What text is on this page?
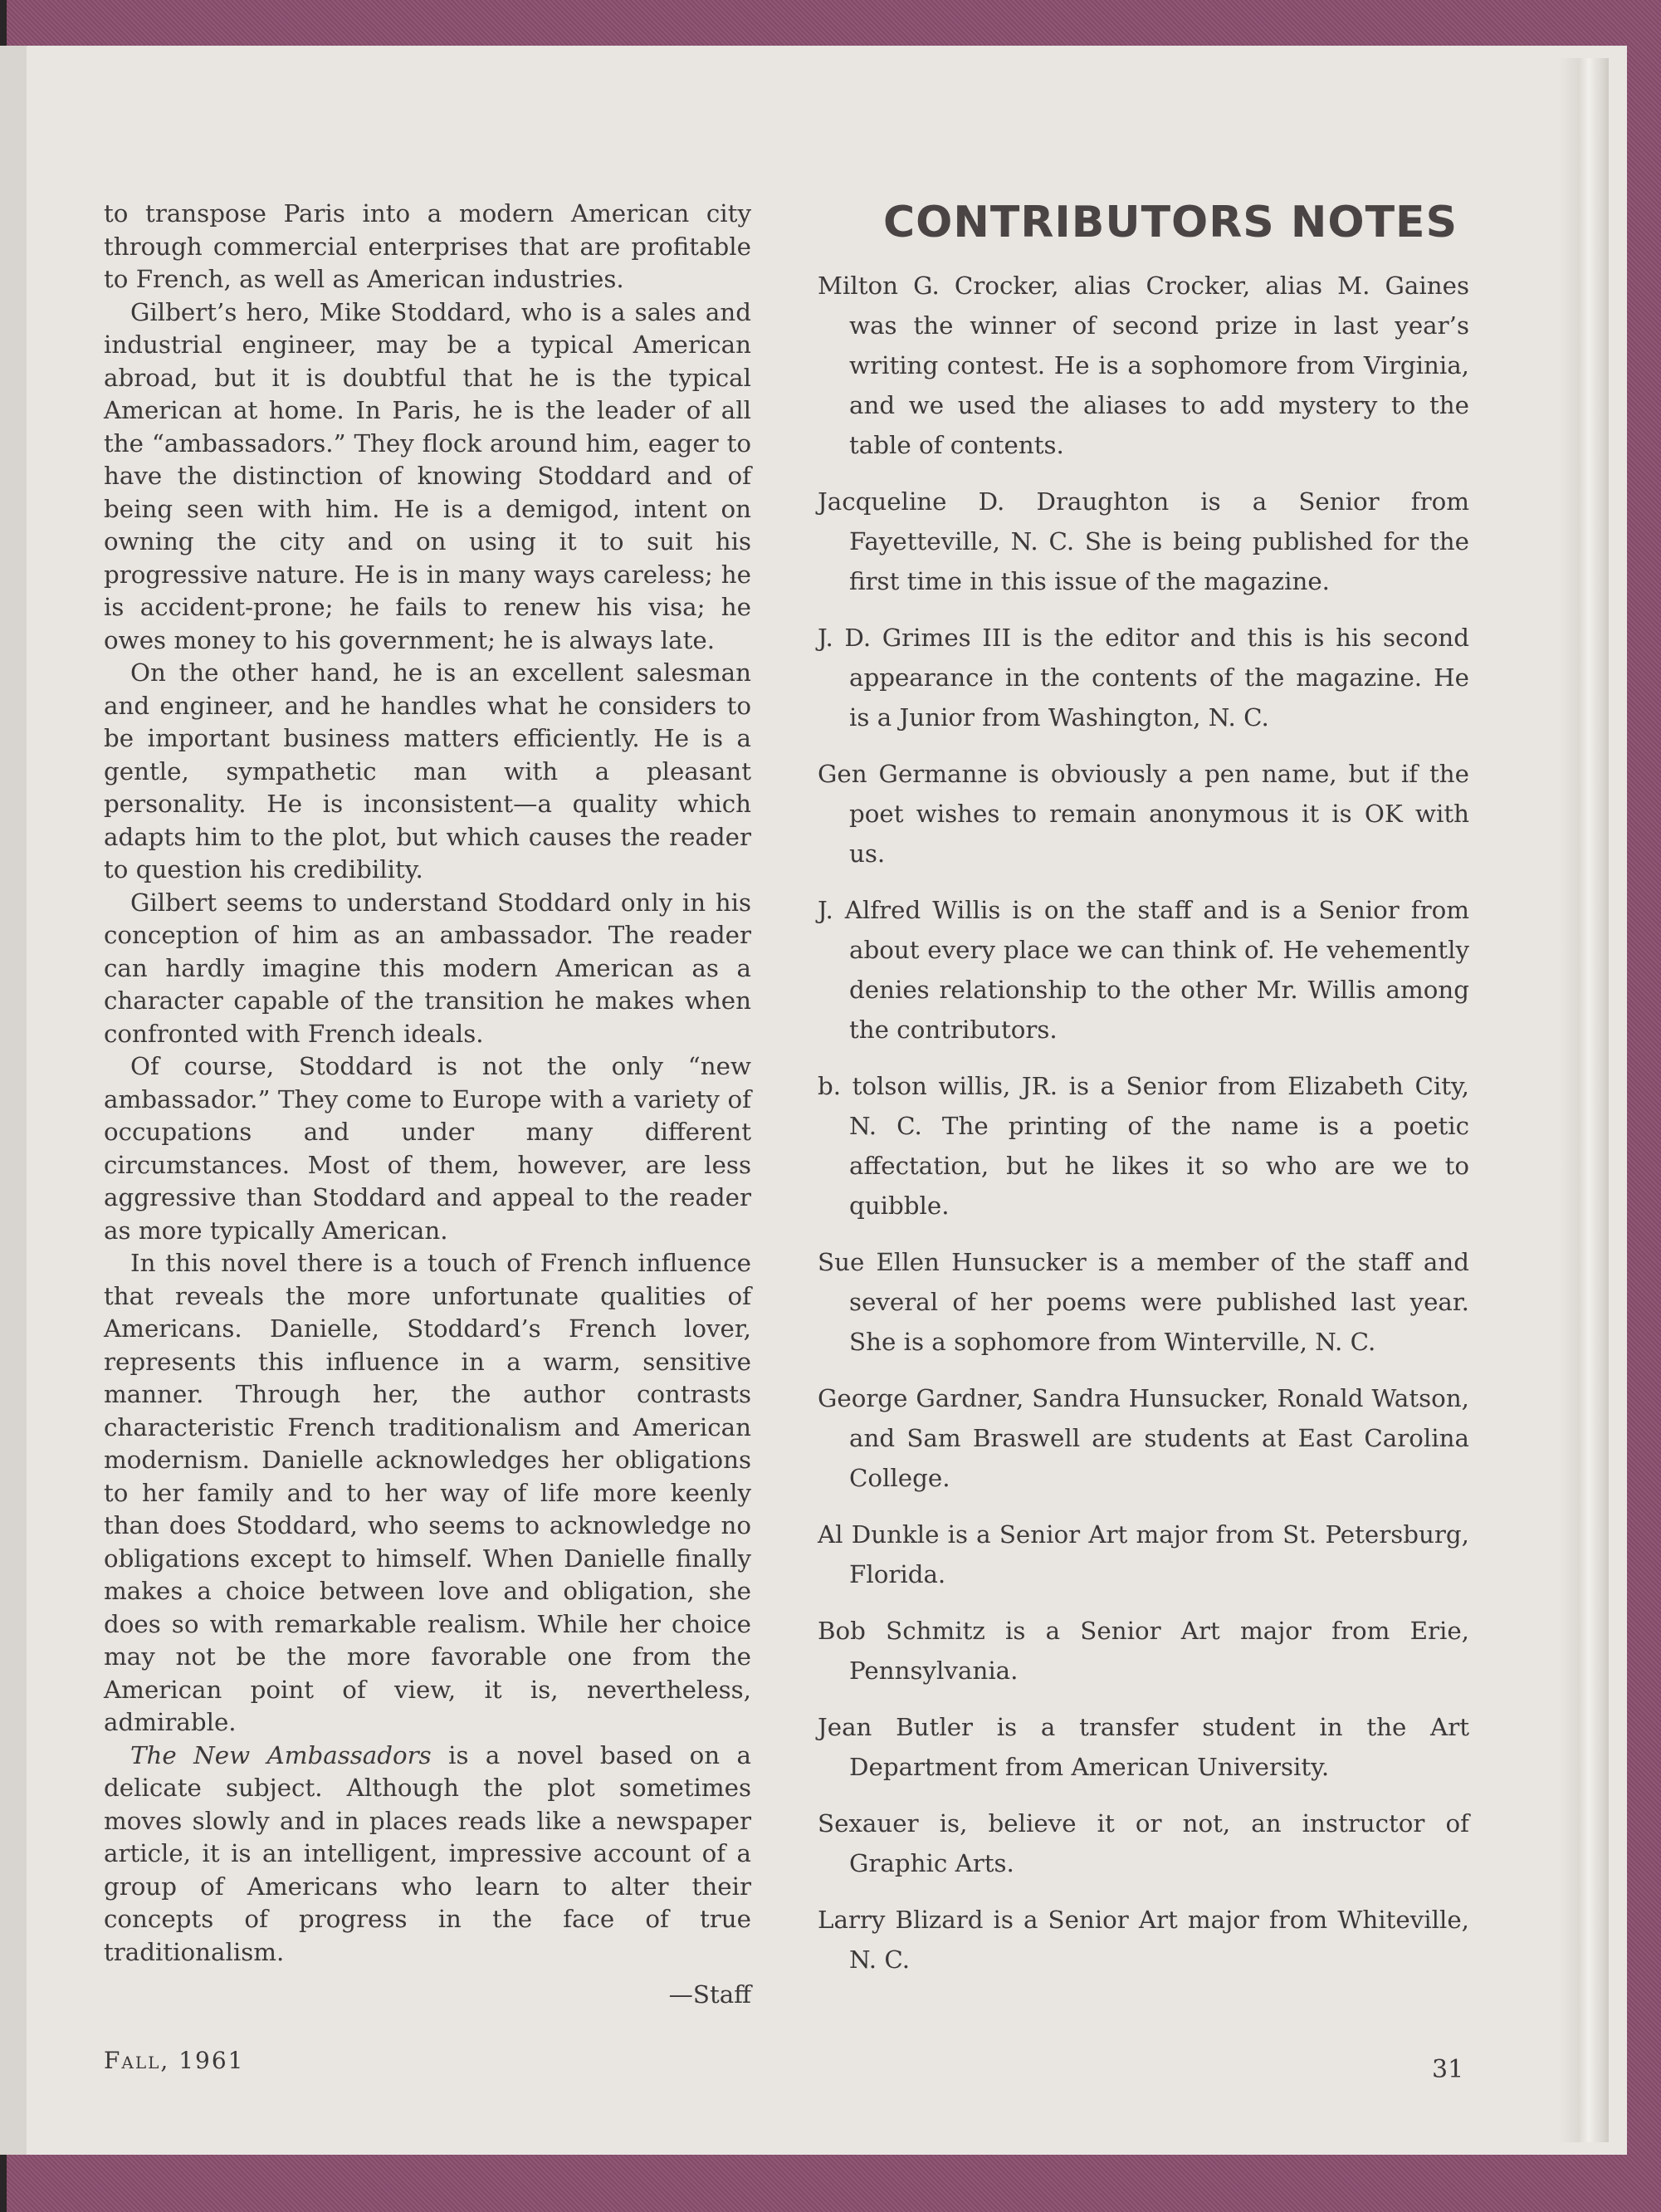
to transpose Paris into a modern American city through commercial enterprises that are profitable to French, as well as American industries.

Gilbert’s hero, Mike Stoddard, who is a sales and industrial engineer, may be a typical American abroad, but it is doubtful that he is the typical American at home. In Paris, he is the leader of all the “ambassadors.” They flock around him, eager to have the distinction of knowing Stoddard and of being seen with him. He is a demigod, intent on owning the city and on using it to suit his progressive nature. He is in many ways careless; he is accident-prone; he fails to renew his visa; he owes money to his government; he is always late.

On the other hand, he is an excellent salesman and engineer, and he handles what he considers to be important business matters efficiently. He is a gentle, sympathetic man with a pleasant personality. He is inconsistent—a quality which adapts him to the plot, but which causes the reader to question his credibility.

Gilbert seems to understand Stoddard only in his conception of him as an ambassador. The reader can hardly imagine this modern American as a character capable of the transition he makes when confronted with French ideals.

Of course, Stoddard is not the only “new ambassador.” They come to Europe with a variety of occupations and under many different circumstances. Most of them, however, are less aggressive than Stoddard and appeal to the reader as more typically American.

In this novel there is a touch of French influence that reveals the more unfortunate qualities of Americans. Danielle, Stoddard’s French lover, represents this influence in a warm, sensitive manner. Through her, the author contrasts characteristic French traditionalism and American modernism. Danielle acknowledges her obligations to her family and to her way of life more keenly than does Stoddard, who seems to acknowledge no obligations except to himself. When Danielle finally makes a choice between love and obligation, she does so with remarkable realism. While her choice may not be the more favorable one from the American point of view, it is, nevertheless, admirable.

The New Ambassadors is a novel based on a delicate subject. Although the plot sometimes moves slowly and in places reads like a newspaper article, it is an intelligent, impressive account of a group of Americans who learn to alter their concepts of progress in the face of true traditionalism.

—Staff
CONTRIBUTORS NOTES

Milton G. Crocker, alias Crocker, alias M. Gaines was the winner of second prize in last year’s writing contest. He is a sophomore from Virginia, and we used the aliases to add mystery to the table of contents.

Jacqueline D. Draughton is a Senior from Fayetteville, N. C. She is being published for the first time in this issue of the magazine.

J. D. Grimes III is the editor and this is his second appearance in the contents of the magazine. He is a Junior from Washington, N. C.

Gen Germanne is obviously a pen name, but if the poet wishes to remain anonymous it is OK with us.

J. Alfred Willis is on the staff and is a Senior from about every place we can think of. He vehemently denies relationship to the other Mr. Willis among the contributors.

b. tolson willis, JR. is a Senior from Elizabeth City, N. C. The printing of the name is a poetic affectation, but he likes it so who are we to quibble.

Sue Ellen Hunsucker is a member of the staff and several of her poems were published last year. She is a sophomore from Winterville, N. C.

George Gardner, Sandra Hunsucker, Ronald Watson, and Sam Braswell are students at East Carolina College.

Al Dunkle is a Senior Art major from St. Petersburg, Florida.

Bob Schmitz is a Senior Art major from Erie, Pennsylvania.

Jean Butler is a transfer student in the Art Department from American University.

Sexauer is, believe it or not, an instructor of Graphic Arts.

Larry Blizard is a Senior Art major from Whiteville, N. C.

Fall, 1961	31
